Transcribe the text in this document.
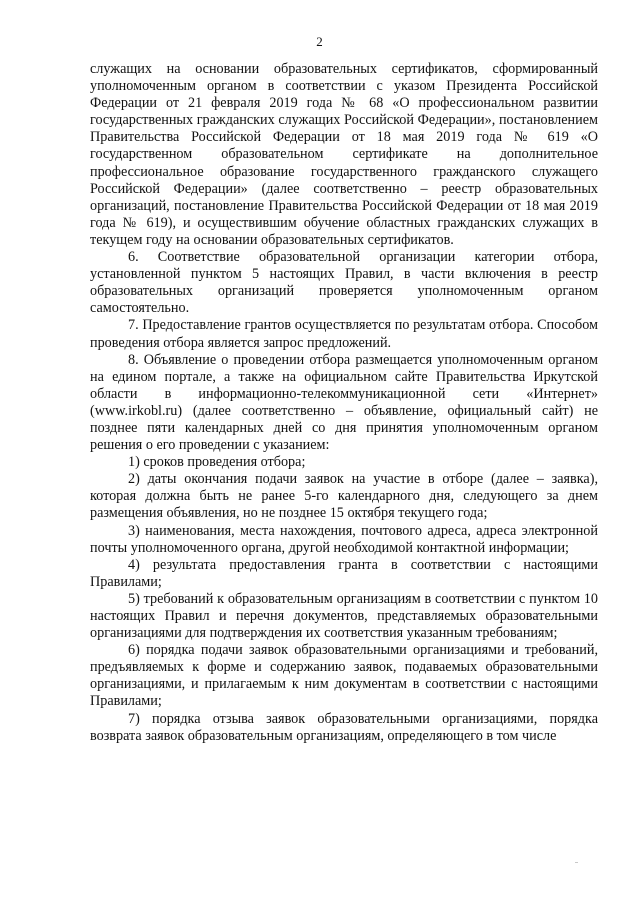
2

служащих на основании образовательных сертификатов, сформированный уполномоченным органом в соответствии с указом Президента Российской Федерации от 21 февраля 2019 года № 68 «О профессиональном развитии государственных гражданских служащих Российской Федерации», постановлением Правительства Российской Федерации от 18 мая 2019 года № 619 «О государственном образовательном сертификате на дополнительное профессиональное образование государственного гражданского служащего Российской Федерации» (далее соответственно – реестр образовательных организаций, постановление Правительства Российской Федерации от 18 мая 2019 года № 619), и осуществившим обучение областных гражданских служащих в текущем году на основании образовательных сертификатов.

6. Соответствие образовательной организации категории отбора, установленной пунктом 5 настоящих Правил, в части включения в реестр образовательных организаций проверяется уполномоченным органом самостоятельно.

7. Предоставление грантов осуществляется по результатам отбора. Способом проведения отбора является запрос предложений.

8. Объявление о проведении отбора размещается уполномоченным органом на едином портале, а также на официальном сайте Правительства Иркутской области в информационно-телекоммуникационной сети «Интернет» (www.irkobl.ru) (далее соответственно – объявление, официальный сайт) не позднее пяти календарных дней со дня принятия уполномоченным органом решения о его проведении с указанием:

1) сроков проведения отбора;

2) даты окончания подачи заявок на участие в отборе (далее – заявка), которая должна быть не ранее 5-го календарного дня, следующего за днем размещения объявления, но не позднее 15 октября текущего года;

3) наименования, места нахождения, почтового адреса, адреса электронной почты уполномоченного органа, другой необходимой контактной информации;

4) результата предоставления гранта в соответствии с настоящими Правилами;

5) требований к образовательным организациям в соответствии с пунктом 10 настоящих Правил и перечня документов, представляемых образовательными организациями для подтверждения их соответствия указанным требованиям;

6) порядка подачи заявок образовательными организациями и требований, предъявляемых к форме и содержанию заявок, подаваемых образовательными организациями, и прилагаемым к ним документам в соответствии с настоящими Правилами;

7) порядка отзыва заявок образовательными организациями, порядка возврата заявок образовательным организациям, определяющего в том числе
